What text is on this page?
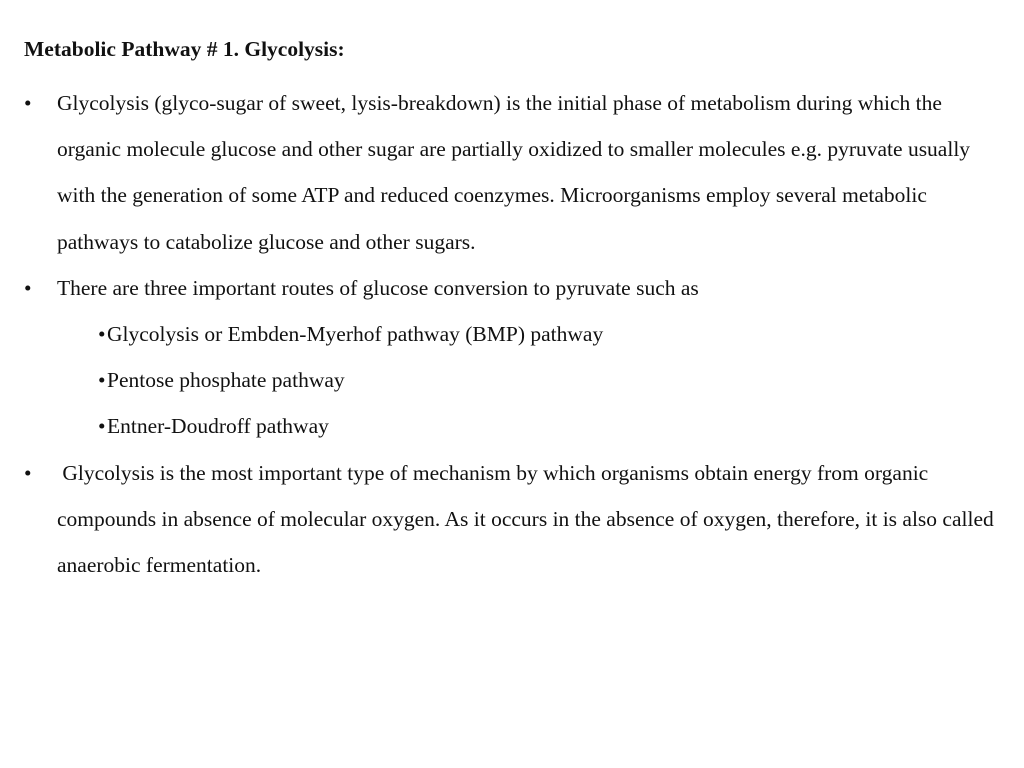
Metabolic Pathway # 1. Glycolysis:
•	Glycolysis (glyco-sugar of sweet, lysis-breakdown) is the initial phase of metabolism during which the organic molecule glucose and other sugar are partially oxidized to smaller molecules e.g. pyruvate usually with the generation of some ATP and reduced coenzymes. Microorganisms employ several metabolic pathways to catabolize glucose and other sugars.
•	There are three important routes of glucose conversion to pyruvate such as
• Glycolysis or Embden-Myerhof pathway (BMP) pathway
• Pentose phosphate pathway
• Entner-Doudroff pathway
•	Glycolysis is the most important type of mechanism by which organisms obtain energy from organic compounds in absence of molecular oxygen. As it occurs in the absence of oxygen, therefore, it is also called anaerobic fermentation.
